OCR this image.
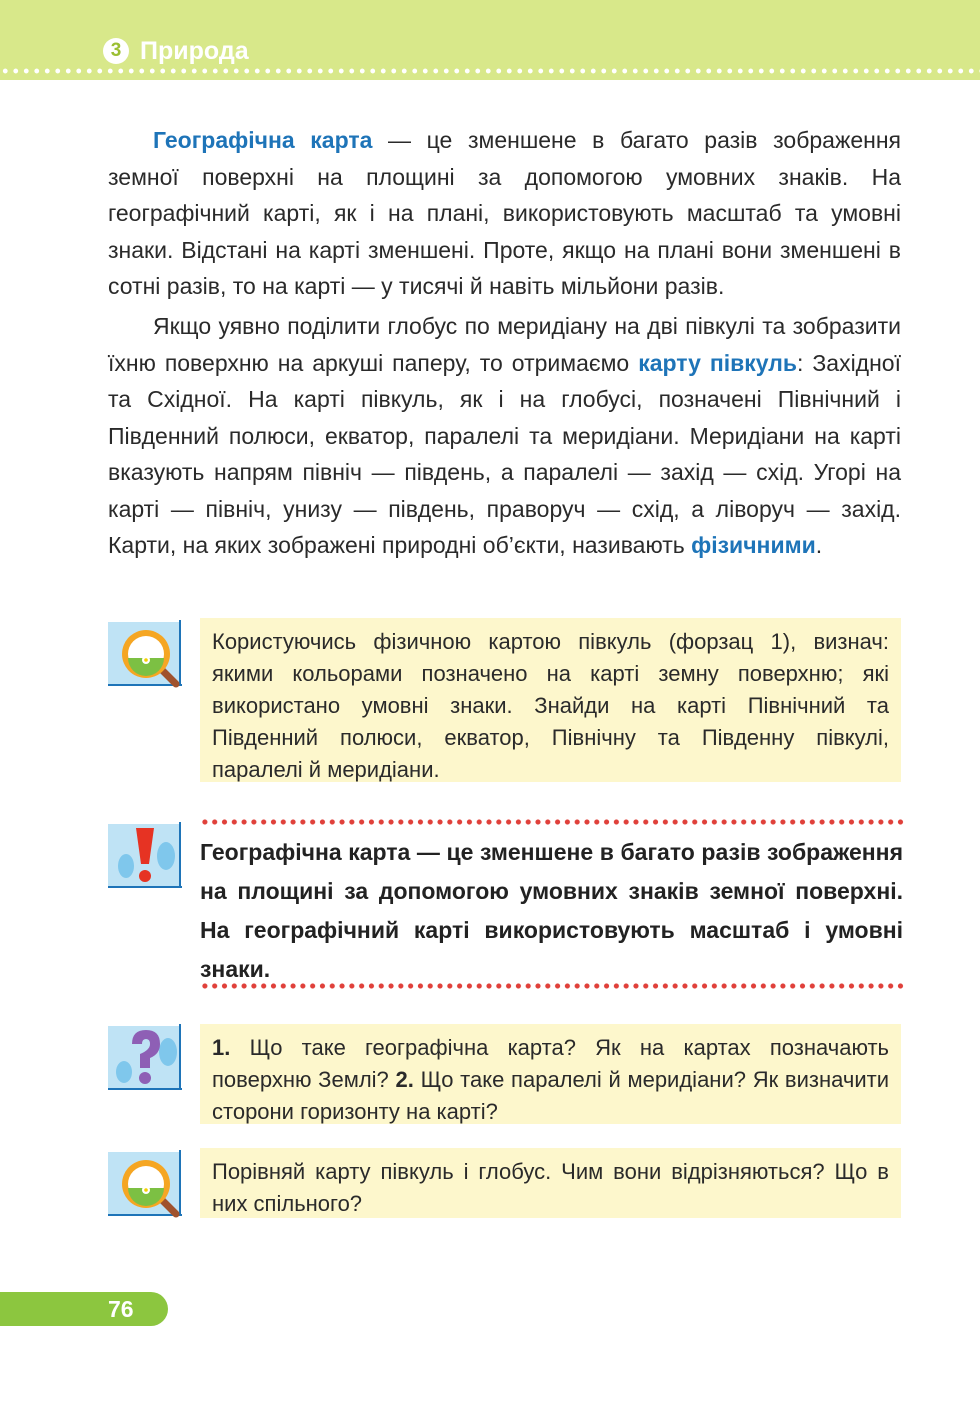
3 Природа

Географічна карта — це зменшене в багато разів зображення земної поверхні на площині за допомогою умовних знаків. На географічний карті, як і на плані, використовують масштаб та умовні знаки. Відстані на карті зменшені. Проте, якщо на плані вони зменшені в сотні разів, то на карті — у тисячі й навіть мільйони разів.

Якщо уявно поділити глобус по меридіану на дві півкулі та зобразити їхню поверхню на аркуші паперу, то отримаємо карту півкуль: Західної та Східної. На карті півкуль, як і на глобусі, позначені Північний і Південний полюси, екватор, паралелі та меридіани. Меридіани на карті вказують напрям північ — південь, а паралелі — захід — схід. Угорі на карті — північ, унизу — південь, праворуч — схід, а ліворуч — захід. Карти, на яких зображені природні об’єкти, називають фізичними.

Користуючись фізичною картою півкуль (форзац 1), визнач: якими кольорами позначено на карті земну поверхню; які використано умовні знаки. Знайди на карті Північний та Південний полюси, екватор, Північну та Південну півкулі, паралелі й меридіани.

Географічна карта — це зменшене в багато разів зображення на площині за допомогою умовних знаків земної поверхні. На географічний карті використовують масштаб і умовні знаки.

1. Що таке географічна карта? Як на картах позначають поверхню Землі? 2. Що таке паралелі й меридіани? Як визначити сторони горизонту на карті?

Порівняй карту півкуль і глобус. Чим вони відрізняються? Що в них спільного?

76
